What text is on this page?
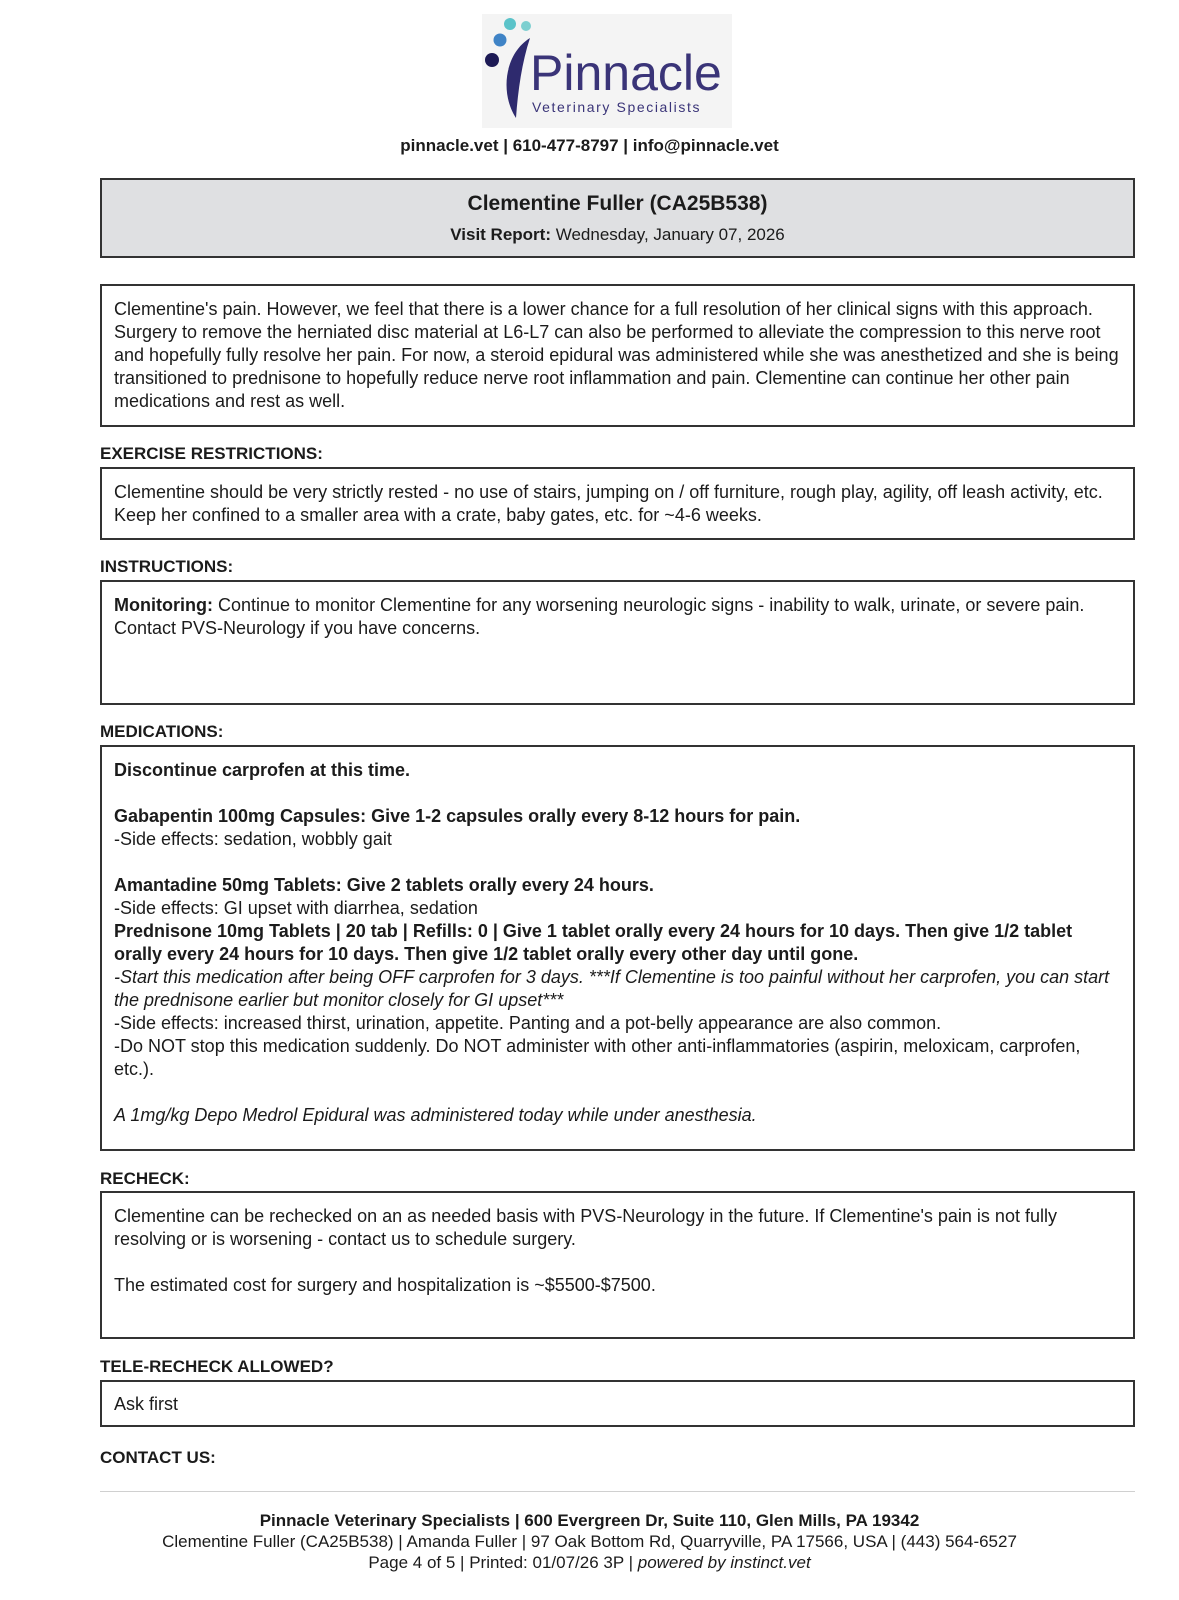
Pinnacle
Veterinary Specialists
pinnacle.vet | 610-477-8797 | info@pinnacle.vet
Clementine Fuller (CA25B538)
Visit Report: Wednesday, January 07, 2026

Clementine's pain. However, we feel that there is a lower chance for a full resolution of her clinical signs with this approach. Surgery to remove the herniated disc material at L6-L7 can also be performed to alleviate the compression to this nerve root and hopefully fully resolve her pain. For now, a steroid epidural was administered while she was anesthetized and she is being transitioned to prednisone to hopefully reduce nerve root inflammation and pain. Clementine can continue her other pain medications and rest as well.

EXERCISE RESTRICTIONS:

Clementine should be very strictly rested - no use of stairs, jumping on / off furniture, rough play, agility, off leash activity, etc. Keep her confined to a smaller area with a crate, baby gates, etc. for ~4-6 weeks.

INSTRUCTIONS:

Monitoring: Continue to monitor Clementine for any worsening neurologic signs - inability to walk, urinate, or severe pain. Contact PVS-Neurology if you have concerns.

MEDICATIONS:

Discontinue carprofen at this time.

Gabapentin 100mg Capsules: Give 1-2 capsules orally every 8-12 hours for pain.

-Side effects: sedation, wobbly gait

Amantadine 50mg Tablets: Give 2 tablets orally every 24 hours.

-Side effects: GI upset with diarrhea, sedation

Prednisone 10mg Tablets | 20 tab | Refills: 0 | Give 1 tablet orally every 24 hours for 10 days. Then give 1/2 tablet orally every 24 hours for 10 days. Then give 1/2 tablet orally every other day until gone.

-Start this medication after being OFF carprofen for 3 days. ***If Clementine is too painful without her carprofen, you can start the prednisone earlier but monitor closely for GI upset***

-Side effects: increased thirst, urination, appetite. Panting and a pot-belly appearance are also common.

-Do NOT stop this medication suddenly. Do NOT administer with other anti-inflammatories (aspirin, meloxicam, carprofen, etc.).

A 1mg/kg Depo Medrol Epidural was administered today while under anesthesia.

RECHECK:

Clementine can be rechecked on an as needed basis with PVS-Neurology in the future. If Clementine's pain is not fully resolving or is worsening - contact us to schedule surgery.

The estimated cost for surgery and hospitalization is ~$5500-$7500.

TELE-RECHECK ALLOWED?

Ask first

CONTACT US:
Pinnacle Veterinary Specialists | 600 Evergreen Dr, Suite 110, Glen Mills, PA 19342
Clementine Fuller (CA25B538) | Amanda Fuller | 97 Oak Bottom Rd, Quarryville, PA 17566, USA | (443) 564-6527
Page 4 of 5 | Printed: 01/07/26 3P | powered by instinct.vet
